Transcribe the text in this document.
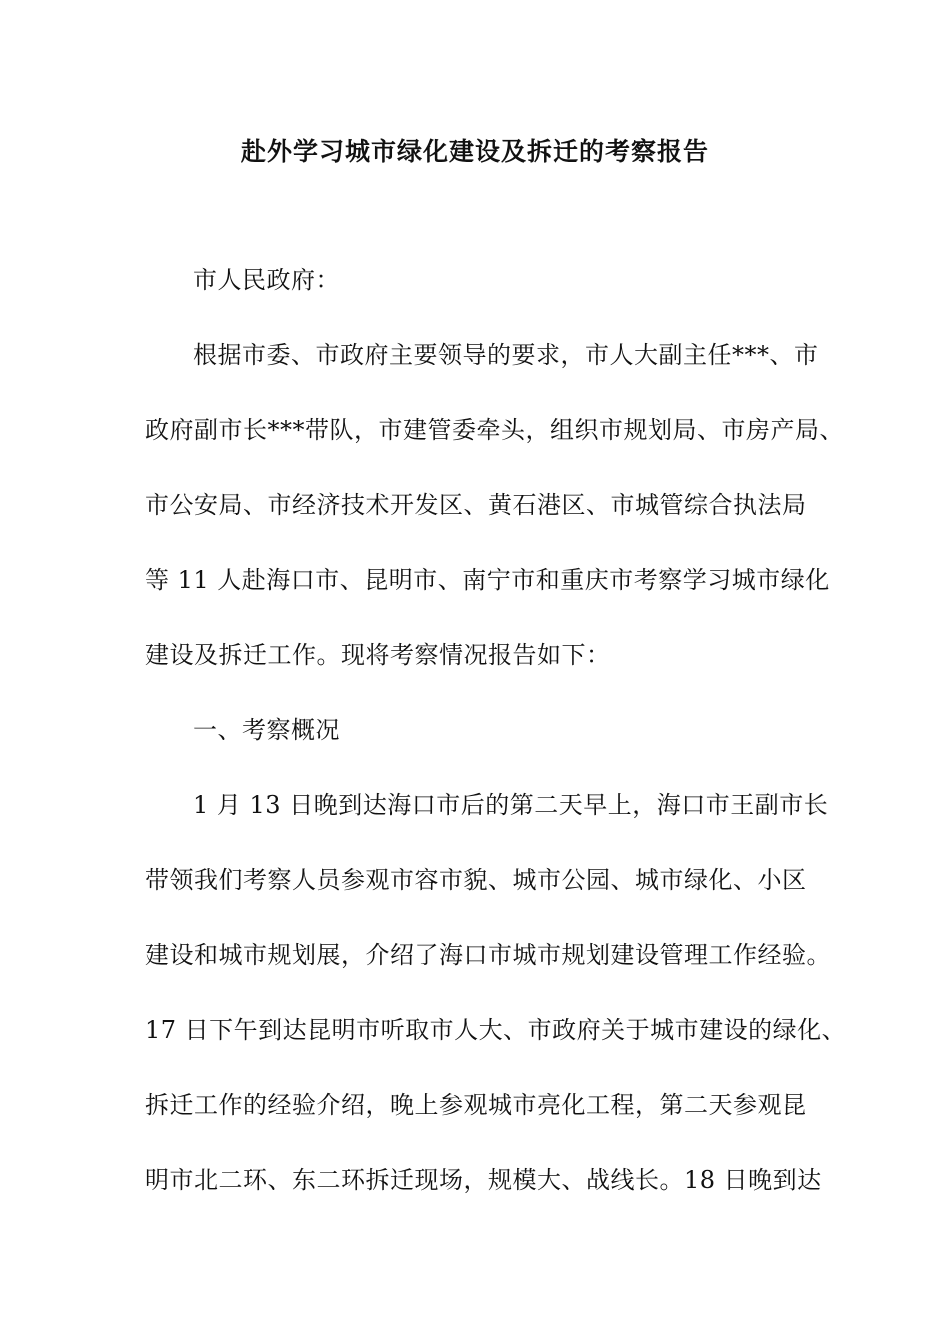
赴外学习城市绿化建设及拆迁的考察报告

市人民政府：

根据市委、市政府主要领导的要求，市人大副主任***、市

政府副市长***带队，市建管委牵头，组织市规划局、市房产局、

市公安局、市经济技术开发区、黄石港区、市城管综合执法局

等 11 人赴海口市、昆明市、南宁市和重庆市考察学习城市绿化

建设及拆迁工作。现将考察情况报告如下：

一、考察概况

1 月 13 日晚到达海口市后的第二天早上，海口市王副市长

带领我们考察人员参观市容市貌、城市公园、城市绿化、小区

建设和城市规划展，介绍了海口市城市规划建设管理工作经验。

17 日下午到达昆明市听取市人大、市政府关于城市建设的绿化、

拆迁工作的经验介绍，晚上参观城市亮化工程，第二天参观昆

明市北二环、东二环拆迁现场，规模大、战线长。18 日晚到达
